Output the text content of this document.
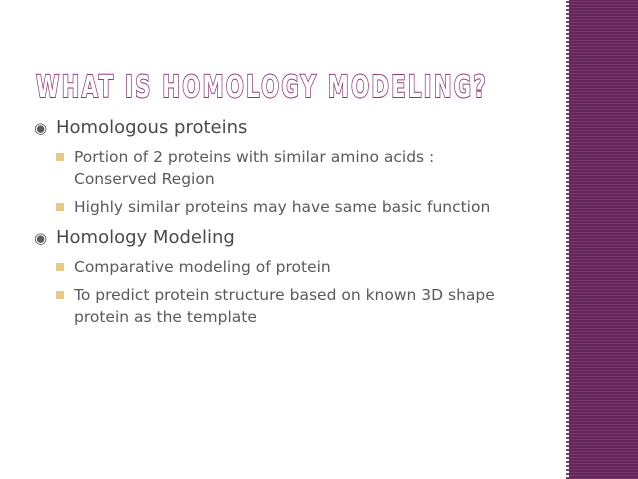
WHAT IS HOMOLOGY MODELING?
◉ Homologous proteins
Portion of 2 proteins with similar amino acids : Conserved Region
Highly similar proteins may have same basic function
◉ Homology Modeling
Comparative modeling of protein
To predict protein structure based on known 3D shape protein as the template
